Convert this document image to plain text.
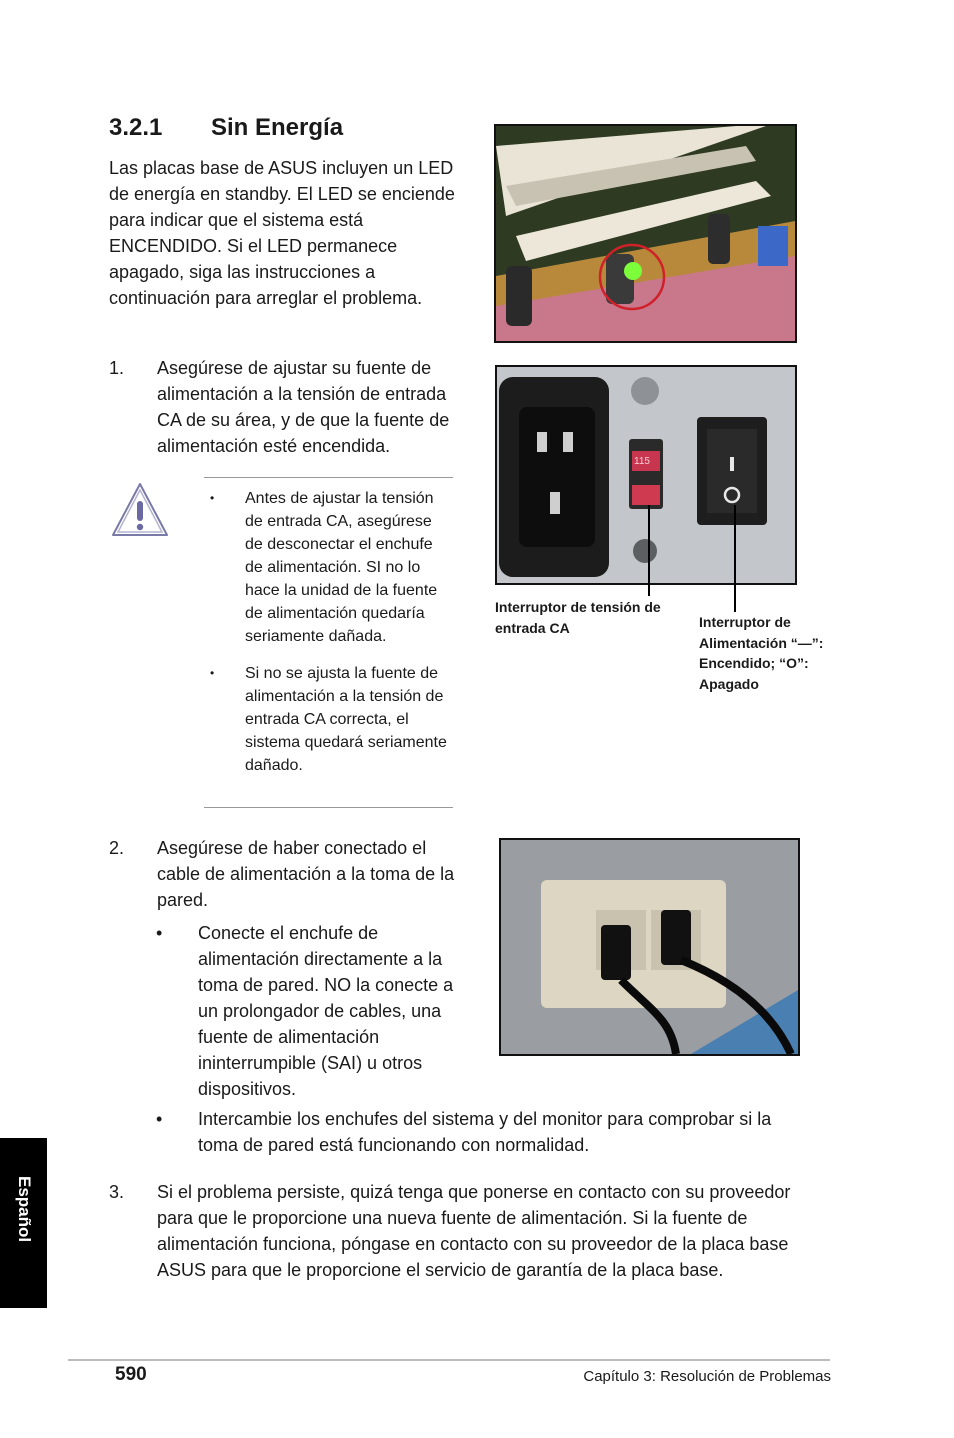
3.2.1 Sin Energía

Las placas base de ASUS incluyen un LED de energía en standby. El LED se enciende para indicar que el sistema está ENCENDIDO. Si el LED permanece apagado, siga las instrucciones a continuación para arreglar el problema.

1. Asegúrese de ajustar su fuente de alimentación a la tensión de entrada CA de su área, y de que la fuente de alimentación esté encendida.

• Antes de ajustar la tensión de entrada CA, asegúrese de desconectar el enchufe de alimentación. SI no lo hace la unidad de la fuente de alimentación quedaría seriamente dañada.

• Si no se ajusta la fuente de alimentación a la tensión de entrada CA correcta, el sistema quedará seriamente dañado.

115

Interruptor de tensión de entrada CA	Interruptor de Alimentación “—”: Encendido; “O”: Apagado

2. Asegúrese de haber conectado el cable de alimentación a la toma de la pared.

• Conecte el enchufe de alimentación directamente a la toma de pared. NO la conecte a un prolongador de cables, una fuente de alimentación ininterrumpible (SAI) u otros dispositivos.

• Intercambie los enchufes del sistema y del monitor para comprobar si la toma de pared está funcionando con normalidad.

3. Si el problema persiste, quizá tenga que ponerse en contacto con su proveedor para que le proporcione una nueva fuente de alimentación. Si la fuente de alimentación funciona, póngase en contacto con su proveedor de la placa base ASUS para que le proporcione el servicio de garantía de la placa base.

Español
590	Capítulo 3: Resolución de Problemas
